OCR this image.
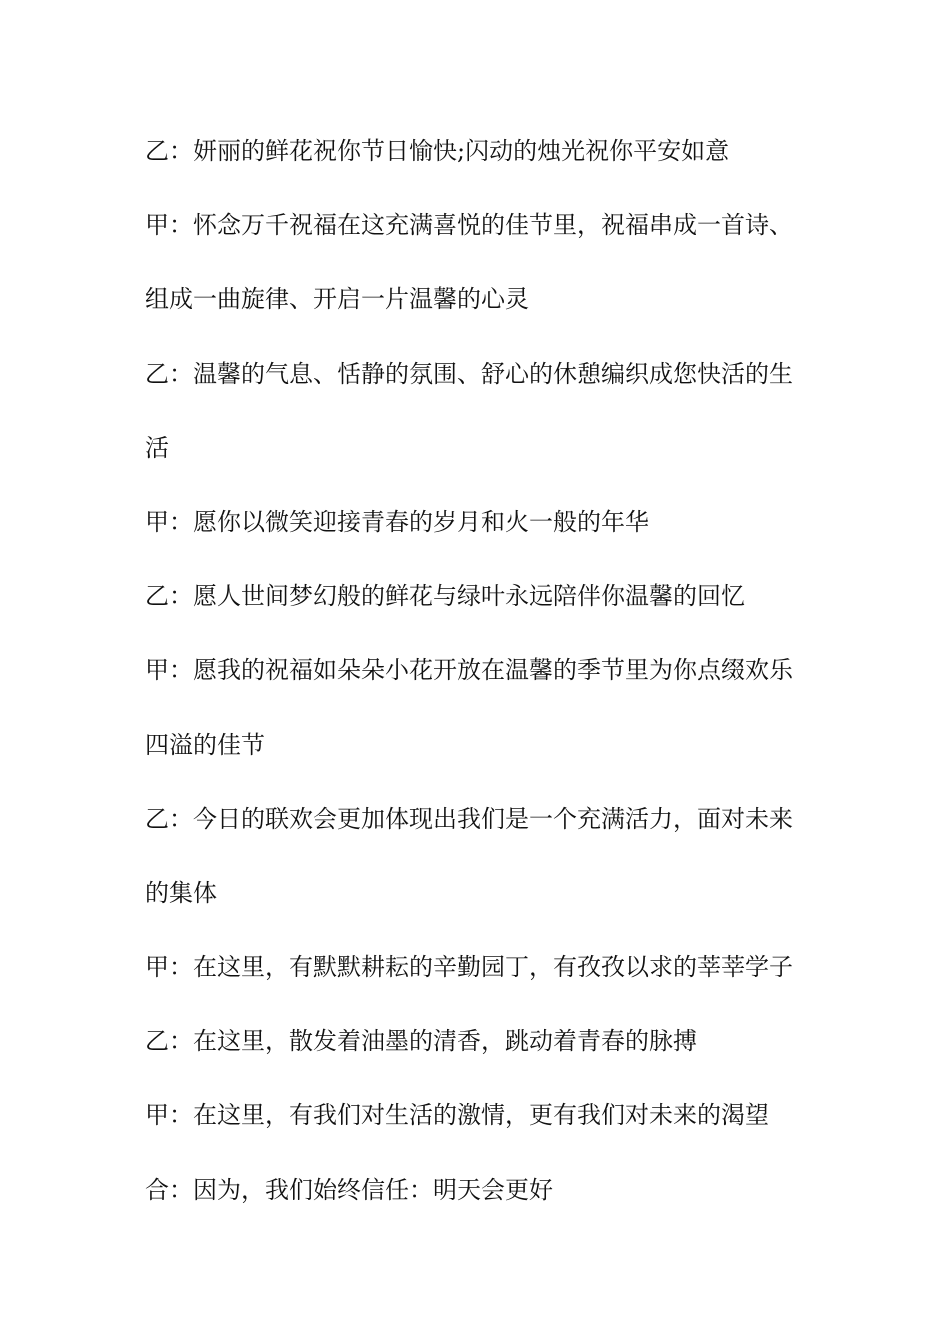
乙：妍丽的鲜花祝你节日愉快;闪动的烛光祝你平安如意
甲：怀念万千祝福在这充满喜悦的佳节里，祝福串成一首诗、
组成一曲旋律、开启一片温馨的心灵
乙：温馨的气息、恬静的氛围、舒心的休憩编织成您快活的生
活
甲：愿你以微笑迎接青春的岁月和火一般的年华
乙：愿人世间梦幻般的鲜花与绿叶永远陪伴你温馨的回忆
甲：愿我的祝福如朵朵小花开放在温馨的季节里为你点缀欢乐
四溢的佳节
乙：今日的联欢会更加体现出我们是一个充满活力，面对未来
的集体
甲：在这里，有默默耕耘的辛勤园丁，有孜孜以求的莘莘学子
乙：在这里，散发着油墨的清香，跳动着青春的脉搏
甲：在这里，有我们对生活的激情，更有我们对未来的渴望
合：因为，我们始终信任：明天会更好
